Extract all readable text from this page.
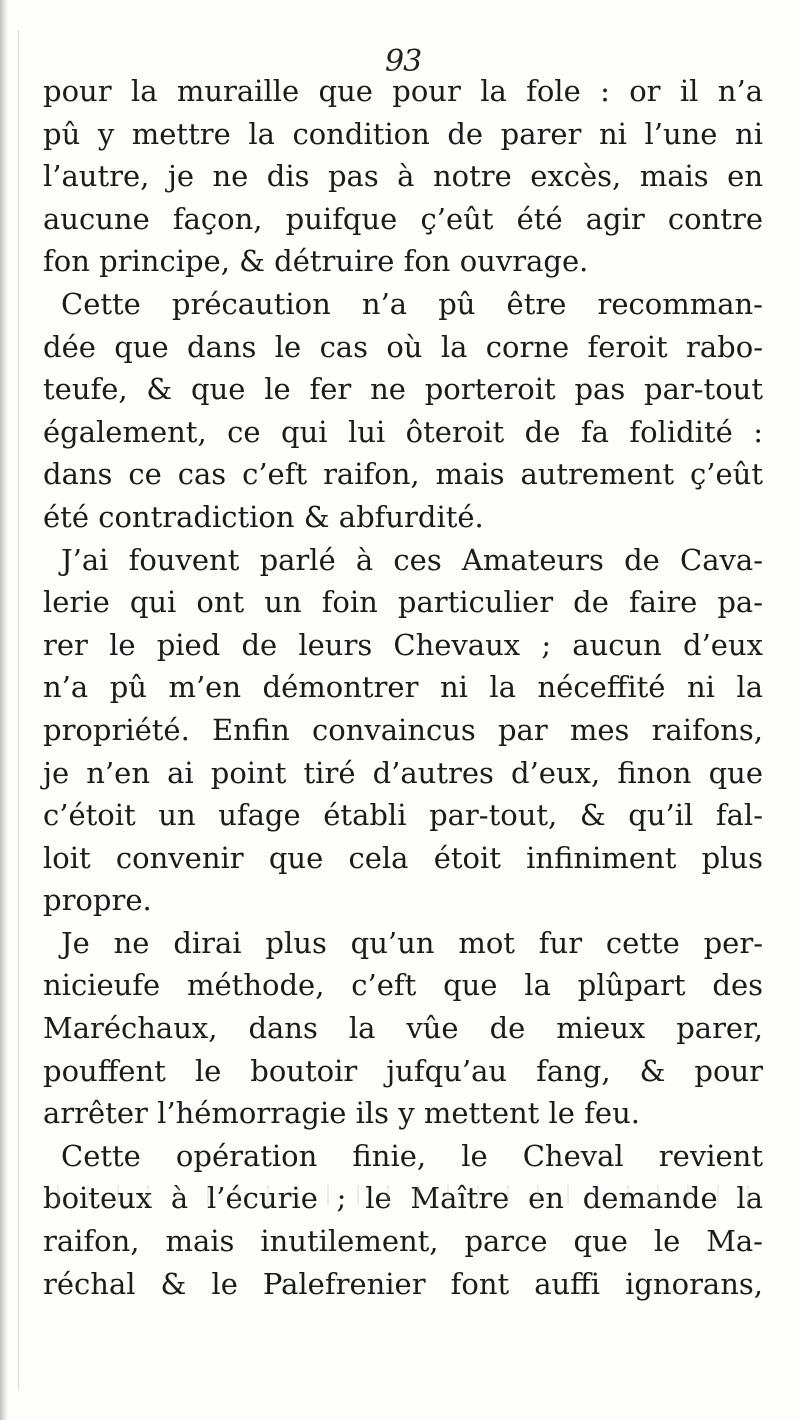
93
pour la muraille que pour la fole : or il n’a
pû y mettre la condition de parer ni l’une ni
l’autre, je ne dis pas à notre excès, mais en
aucune façon, puifque ç’eût été agir contre
fon principe, & détruire fon ouvrage.
Cette précaution n’a pû être recomman-
dée que dans le cas où la corne feroit rabo-
teufe, & que le fer ne porteroit pas par-tout
également, ce qui lui ôteroit de fa folidité :
dans ce cas c’eft raifon, mais autrement ç’eût
été contradiction & abfurdité.
J’ai fouvent parlé à ces Amateurs de Cava-
lerie qui ont un foin particulier de faire pa-
rer le pied de leurs Chevaux ; aucun d’eux
n’a pû m’en démontrer ni la néceffité ni la
propriété. Enfin convaincus par mes raifons,
je n’en ai point tiré d’autres d’eux, finon que
c’étoit un ufage établi par-tout, & qu’il fal-
loit convenir que cela étoit infiniment plus
propre.
Je ne dirai plus qu’un mot fur cette per-
nicieufe méthode, c’eft que la plûpart des
Maréchaux, dans la vûe de mieux parer,
pouffent le boutoir jufqu’au fang, & pour
arrêter l’hémorragie ils y mettent le feu.
Cette opération finie, le Cheval revient
boiteux à l’écurie ; le Maître en demande la
raifon, mais inutilement, parce que le Ma-
réchal & le Palefrenier font auffi ignorans,
